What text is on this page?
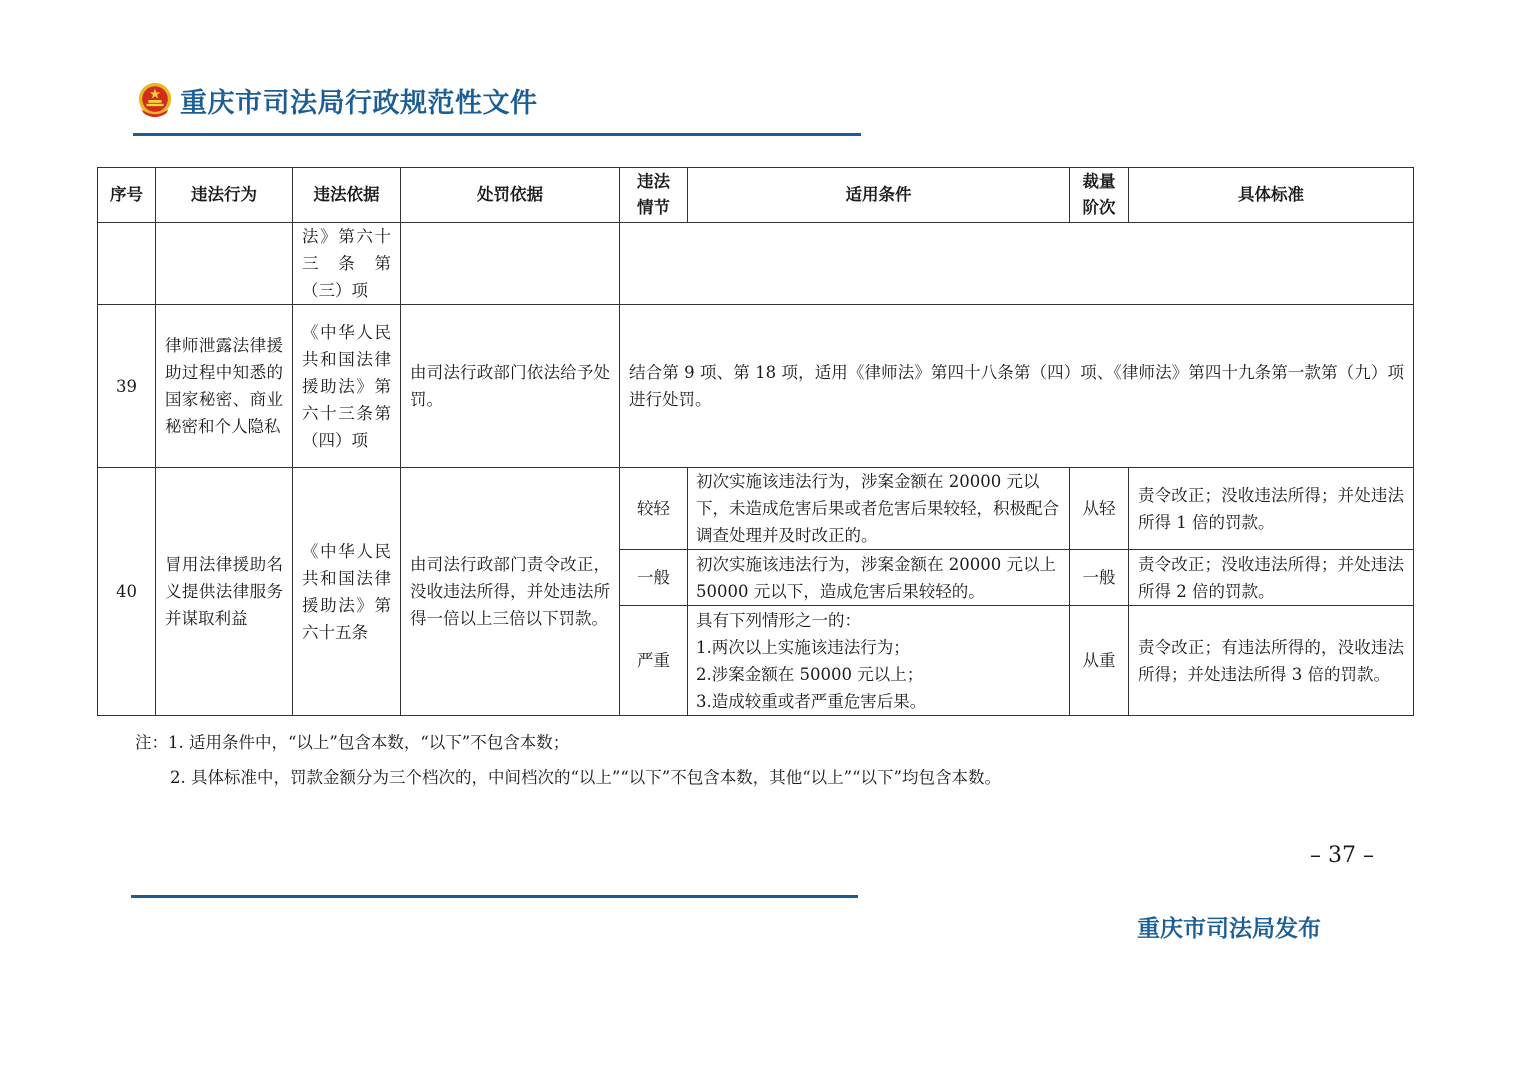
重庆市司法局行政规范性文件
序号	违法行为	违法依据	处罚依据	违法情节	适用条件	裁量阶次	具体标准
		法》第六十三条第（三）项					
39	律师泄露法律援助过程中知悉的国家秘密、商业秘密和个人隐私	《中华人民共和国法律援助法》第六十三条第（四）项	由司法行政部门依法给予处罚。	结合第 9 项、第 18 项，适用《律师法》第四十八条第（四）项、《律师法》第四十九条第一款第（九）项进行处罚。			
40	冒用法律援助名义提供法律服务并谋取利益	《中华人民共和国法律援助法》第六十五条	由司法行政部门责令改正，没收违法所得，并处违法所得一倍以上三倍以下罚款。	较轻	初次实施该违法行为，涉案金额在 20000 元以下，未造成危害后果或者危害后果较轻，积极配合调查处理并及时改正的。	从轻	责令改正；没收违法所得；并处违法所得 1 倍的罚款。
				一般	初次实施该违法行为，涉案金额在 20000 元以上 50000 元以下，造成危害后果较轻的。	一般	责令改正；没收违法所得；并处违法所得 2 倍的罚款。
				严重	具有下列情形之一的：
1.两次以上实施该违法行为；
2.涉案金额在 50000 元以上；
3.造成较重或者严重危害后果。	从重	责令改正；有违法所得的，没收违法所得；并处违法所得 3 倍的罚款。
注：1. 适用条件中，“以上”包含本数，“以下”不包含本数；
2. 具体标准中，罚款金额分为三个档次的，中间档次的“以上”“以下”不包含本数，其他“以上”“以下”均包含本数。
– 37 –
重庆市司法局发布
